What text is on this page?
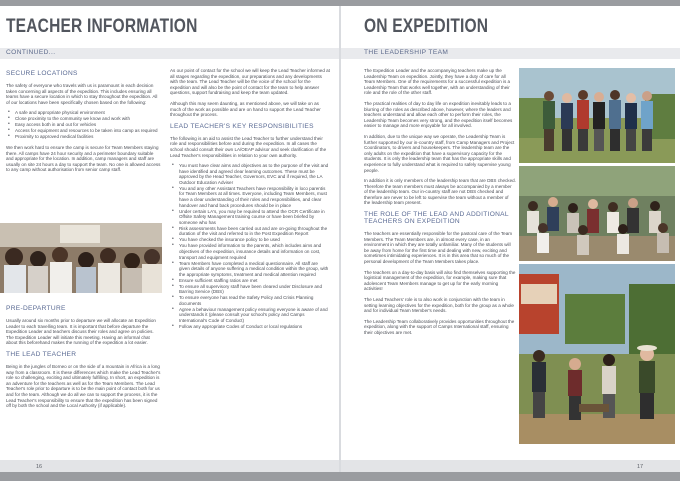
TEACHER INFORMATION
CONTINUED...
SECURE LOCATIONS

The safety of everyone who travels with us is paramount in each decision taken concerning all aspects of the expedition. This includes ensuring all teams have a secure location in which to stay throughout the expedition. All of our locations have been specifically chosen based on the following:

• A safe and appropriate physical environment
• Close proximity to the community we know and work with
• Easy access both in and out for vehicles
• Access for equipment and resources to be taken into camp as required
• Proximity to approved medical facilities

We then work hard to ensure the camp is secure for Team Members staying there. All camps have 24 hour security and a perimeter boundary suitable and appropriate for the location. In addition, camp managers and staff are usually on site 24 hours a day to support the team. No one is allowed access to any camp without authorisation from senior camp staff.

PRE-DEPARTURE

Usually around six months prior to departure we will allocate an Expedition Leader to each travelling team. It is important that before departure the Expedition Leader and teachers discuss their roles and agree on policies. The Expedition Leader will initiate this meeting. Having an informal chat about this beforehand makes the running of the expedition a lot easier.

THE LEAD TEACHER

Being in the jungles of Borneo or on the side of a mountain in Africa is a long way from a classroom. It is these differences which make the Lead Teacher's role so challenging, exciting and ultimately fulfilling. In short, an expedition is an adventure for the teachers as well as for the Team Members. The Lead Teacher's role prior to departure is to be the main point of contact both for us and for the team. Although we do all we can to support the process, it is the Lead Teacher's responsibility to ensure that the expedition has been signed off by both the school and the Local Authority (if applicable).

As our point of contact for the school we will keep the Lead Teacher informed at all stages regarding the expedition, our preparations and any developments with the team. The Lead Teacher will be the voice of the school for the expedition and will also be the point of contact for the team to help answer questions, support fundraising and keep the team updated.

Although this may seem daunting, as mentioned above, we will take on as much of the work as possible and are on hand to support the Lead Teacher throughout the process.

LEAD TEACHER'S KEY RESPONSIBILITIES

The following is an aid to assist the Lead Teacher to further understand their role and responsibilities before and during the expedition. In all cases the school should consult their own LA/OEAP advisor and seek clarification of the Lead Teacher's responsibilities in relation to your own authority.

• You must have clear aims and objectives as to the purpose of the visit and have identified and agreed clear learning outcomes. These must be approved by the Head Teacher, Governors, EVC and if required, the LA Outdoor Education Adviser
• You and any other Assistant Teachers have responsibility in loco parentis for Team Members at all times. Everyone, including Team Members, must have a clear understanding of their roles and responsibilities, and clear handover and hand back procedures should be in place
• Under certain LA's, you may be required to attend the OCR Certificate in Offsite Safety Management training course or have been briefed by someone who has
• Risk assessments have been carried out and are on-going throughout the duration of the visit and referred to in the Post Expedition Report
• You have checked the insurance policy to be used
• You have provided information to the parents, which includes aims and objectives of the expedition, insurance details and information on cost, transport and equipment required
• Team Members have completed a medical questionnaire. All staff are given details of anyone suffering a medical condition within the group, with the appropriate symptoms, treatment and medical attention required
• Ensure sufficient staffing ratios are met
• To ensure all supervisory staff have been cleared under Disclosure and Barring Service (DBS)
• To ensure everyone has read the Safety Policy and Crisis Planning documents
• Agree a behaviour management policy ensuring everyone is aware of and understands it (please consult your school's policy and Camps International's Code of Conduct)
• Follow any appropriate Codes of Conduct or local regulations
16
ON EXPEDITION
THE LEADERSHIP TEAM

The Expedition Leader and the accompanying teachers make up the Leadership Team on expedition. Jointly, they have a duty of care for all Team Members. One of the requirements for a successful expedition is a Leadership Team that works well together, with an understanding of their role and the role of the other staff.

The practical realities of day to day life on expedition inevitably leads to a blurring of the roles as described above, however, where the leaders and teachers understand and allow each other to perform their roles, the Leadership Team becomes very strong, and the expedition itself becomes easier to manage and more enjoyable for all involved.

In addition, due to the unique way we operate, the Leadership Team is further supported by our in-country staff, from Camp Managers and Project Coordinators, to drivers and housekeepers. The leadership team are the only adults on the expedition that have a supervisory capacity for the students. It is only the leadership team that has the appropriate skills and experience to fully understand what is required to safely supervise young people.

In addition it is only members of the leadership team that are DBS checked. Therefore the team members must always be accompanied by a member of the leadership team. Our in-country staff are not DBS checked and therefore are never to be left to supervise the team without a member of the leadership team present.

THE ROLE OF THE LEAD AND ADDITIONAL TEACHERS ON EXPEDITION

The teachers are essentially responsible for the pastoral care of the Team Members. The Team Members are, in almost every case, in an environment in which they are totally unfamiliar. Many of the students will be away from home for the first time and dealing with new, exciting and sometimes intimidating experiences. It is in this area that so much of the personal development of the Team Members takes place.

The teachers on a day-to-day basis will also find themselves supporting the logistical management of the expedition, for example, making sure that adolescent Team Members manage to get up for the early morning activities!

The Lead Teachers' role is to also work in conjunction with the team in setting learning objectives for the expedition, both for the group as a whole and for individual Team Member's needs.

The Leadership Team collaboratively provides opportunities throughout the expedition, along with the support of Camps International staff, ensuring their objectives are met.

17
